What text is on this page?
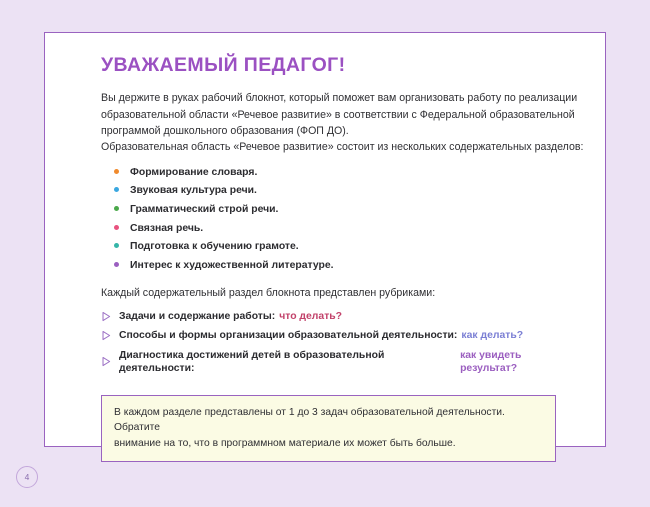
УВАЖАЕМЫЙ ПЕДАГОГ!

Вы держите в руках рабочий блокнот, который поможет вам организовать работу по реализации
образовательной области «Речевое развитие» в соответствии с Федеральной образовательной
программой дошкольного образования (ФОП ДО).
Образовательная область «Речевое развитие» состоит из нескольких содержательных разделов:

Формирование словаря.
Звуковая культура речи.
Грамматический строй речи.
Связная речь.
Подготовка к обучению грамоте.
Интерес к художественной литературе.

Каждый содержательный раздел блокнота представлен рубриками:

Задачи и содержание работы: что делать?
Способы и формы организации образовательной деятельности: как делать?
Диагностика достижений детей в образовательной деятельности:
как увидеть результат?
В каждом разделе представлены от 1 до 3 задач образовательной деятельности. Обратите
внимание на то, что в программном материале их может быть больше.
4
